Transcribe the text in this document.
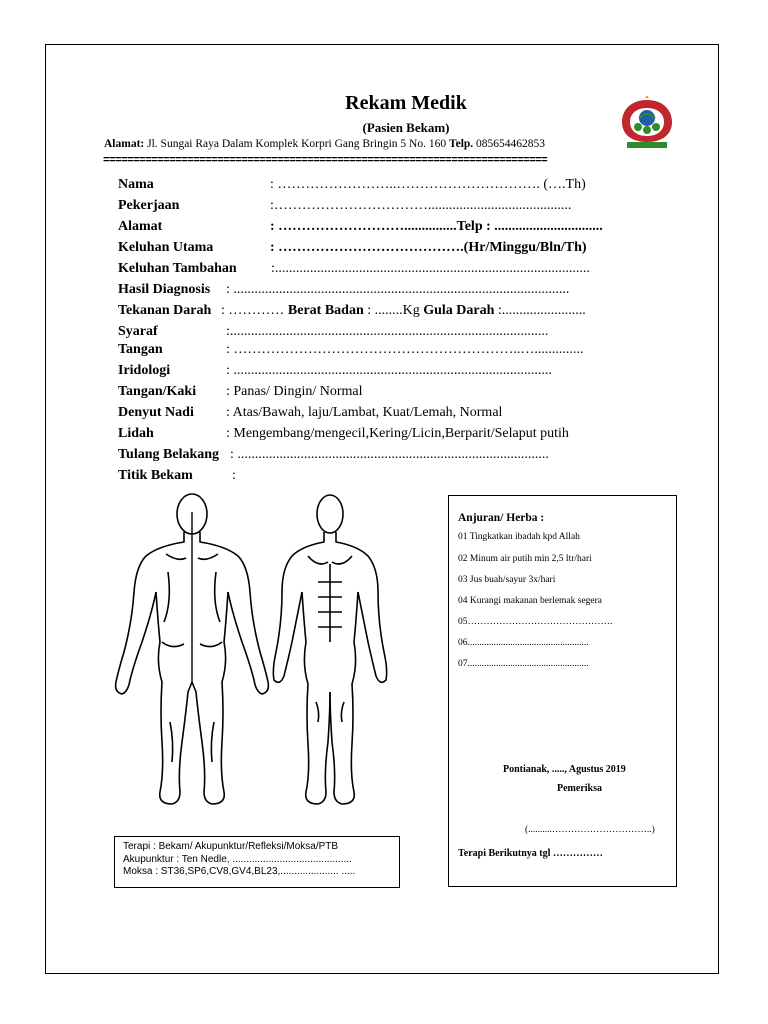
Rekam Medik
(Pasien Bekam)
Alamat: Jl. Sungai Raya Dalam Komplek Korpri Gang Bringin 5 No. 160 Telp. 085654462853
==========================================================================
Nama	: ……………………..…………………………. (….Th)
Pekerjaan	:…………………………….........................................
Alamat	: ………………………...............Telp : ...............................
Keluhan Utama	: ………………………………….(Hr/Minggu/Bln/Th)
Keluhan Tambahan :..........................................................................................
Hasil Diagnosis : ................................................................................................
Tekanan Darah : ………… Berat Badan : ........Kg Gula Darah :........................
Syaraf	:...........................................................................................
Tangan	: ……………………………………………………..…..............
Iridologi	: ...........................................................................................
Tangan/Kaki : Panas/ Dingin/ Normal
Denyut Nadi : Atas/Bawah, laju/Lambat, Kuat/Lemah, Normal
Lidah	: Mengembang/mengecil,Kering/Licin,Berparit/Selaput putih
Tulang Belakang : .........................................................................................
Titik Bekam	:
Anjuran/ Herba :
01 Tingkatkan ibadah kpd Allah
02 Minum air putih min 2,5 ltr/hari
03 Jus buah/sayur 3x/hari
04 Kurangi makanan berlemak segera
05……………………………………….
06...................................................
07...................................................
Pontianak, ....., Agustus 2019
Pemeriksa
(..........…………………………..)
Terapi Berikutnya tgl ……………
Terapi : Bekam/ Akupunktur/Refleksi/Moksa/PTB
Akupunktur : Ten Nedle, ...........................................
Moksa : ST36,SP6,CV8,GV4,BL23,..................... .....
